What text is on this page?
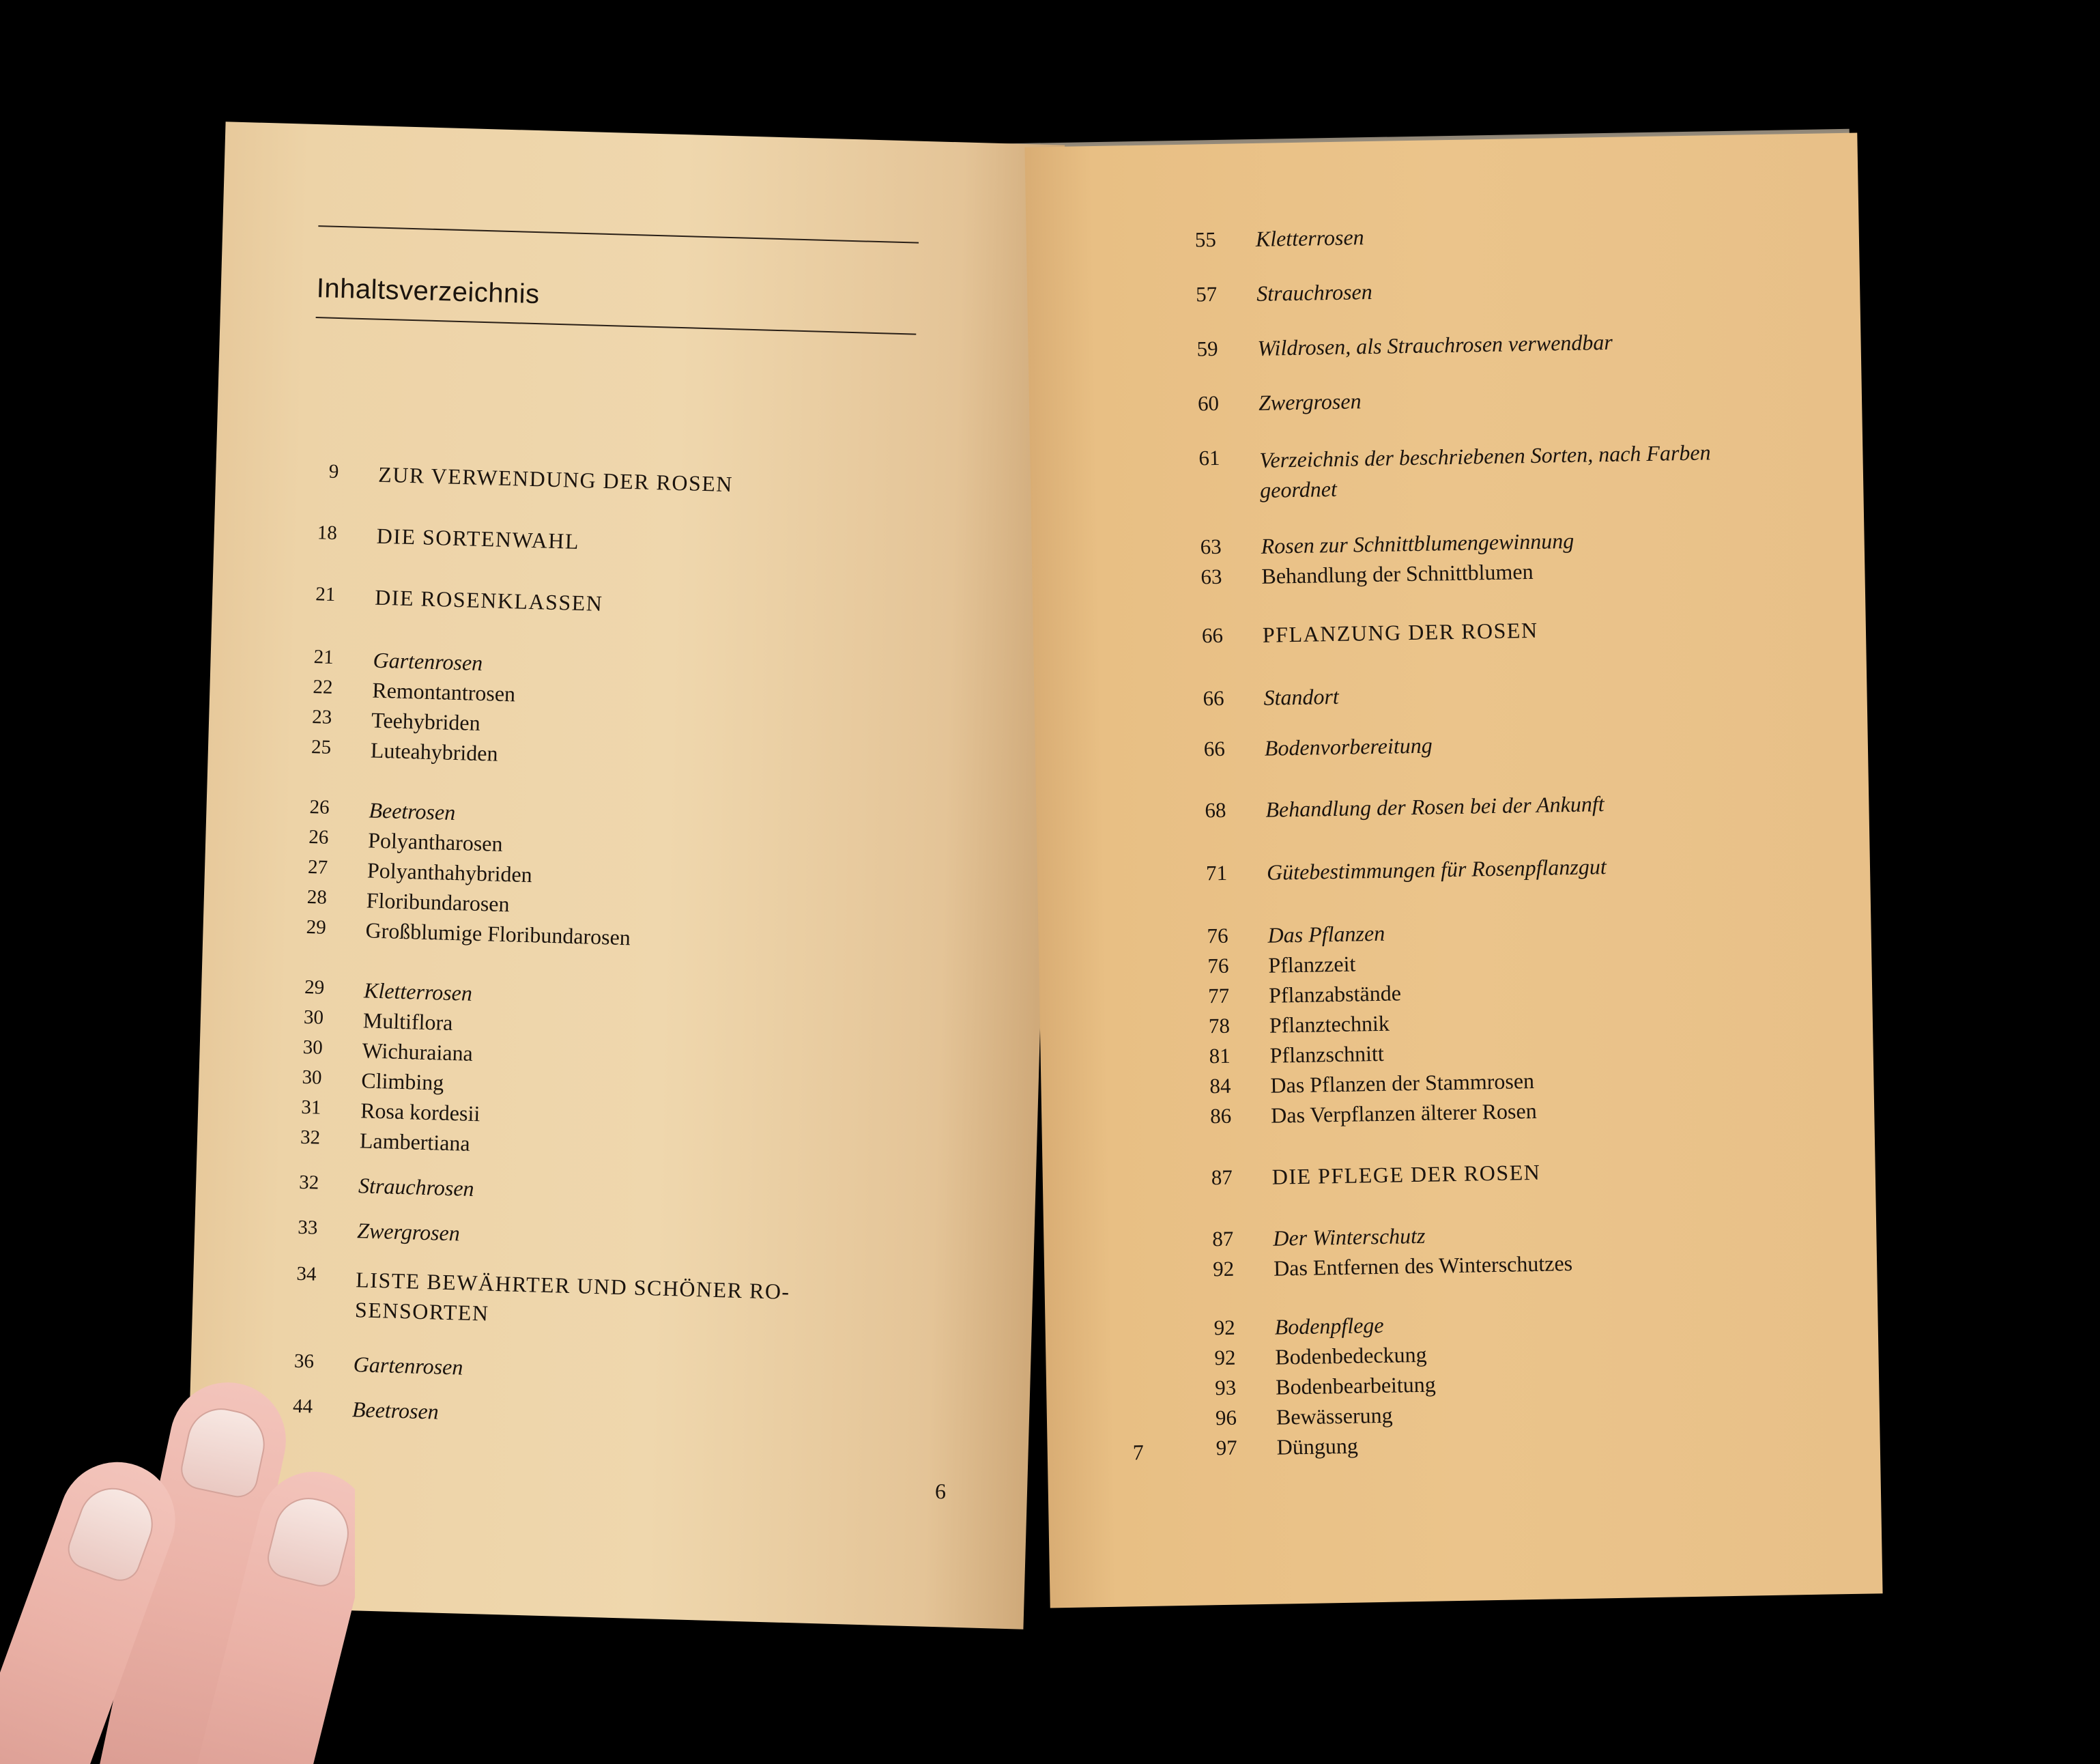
Inhaltsverzeichnis
9 ZUR VERWENDUNG DER ROSEN
18 DIE SORTENWAHL
21 DIE ROSENKLASSEN
21 Gartenrosen
22 Remontantrosen
23 Teehybriden
25 Luteahybriden
26 Beetrosen
26 Polyantharosen
27 Polyanthahybriden
28 Floribundarosen
29 Großblumige Floribundarosen
29 Kletterrosen
30 Multiflora
30 Wichuraiana
30 Climbing
31 Rosa kordesii
32 Lambertiana
32 Strauchrosen
33 Zwergrosen
34 LISTE BEWÄHRTER UND SCHÖNER RO- SENSORTEN
36 Gartenrosen
44 Beetrosen
6
55 Kletterrosen
57 Strauchrosen
59 Wildrosen, als Strauchrosen verwendbar
60 Zwergrosen
61 Verzeichnis der beschriebenen Sorten, nach Farben geordnet
63 Rosen zur Schnittblumengewinnung
63 Behandlung der Schnittblumen
66 PFLANZUNG DER ROSEN
66 Standort
66 Bodenvorbereitung
68 Behandlung der Rosen bei der Ankunft
71 Gütebestimmungen für Rosenpflanzgut
76 Das Pflanzen
76 Pflanzzeit
77 Pflanzabstände
78 Pflanztechnik
81 Pflanzschnitt
84 Das Pflanzen der Stammrosen
86 Das Verpflanzen älterer Rosen
87 DIE PFLEGE DER ROSEN
87 Der Winterschutz
92 Das Entfernen des Winterschutzes
92 Bodenpflege
92 Bodenbedeckung
93 Bodenbearbeitung
96 Bewässerung
97 Düngung
7
